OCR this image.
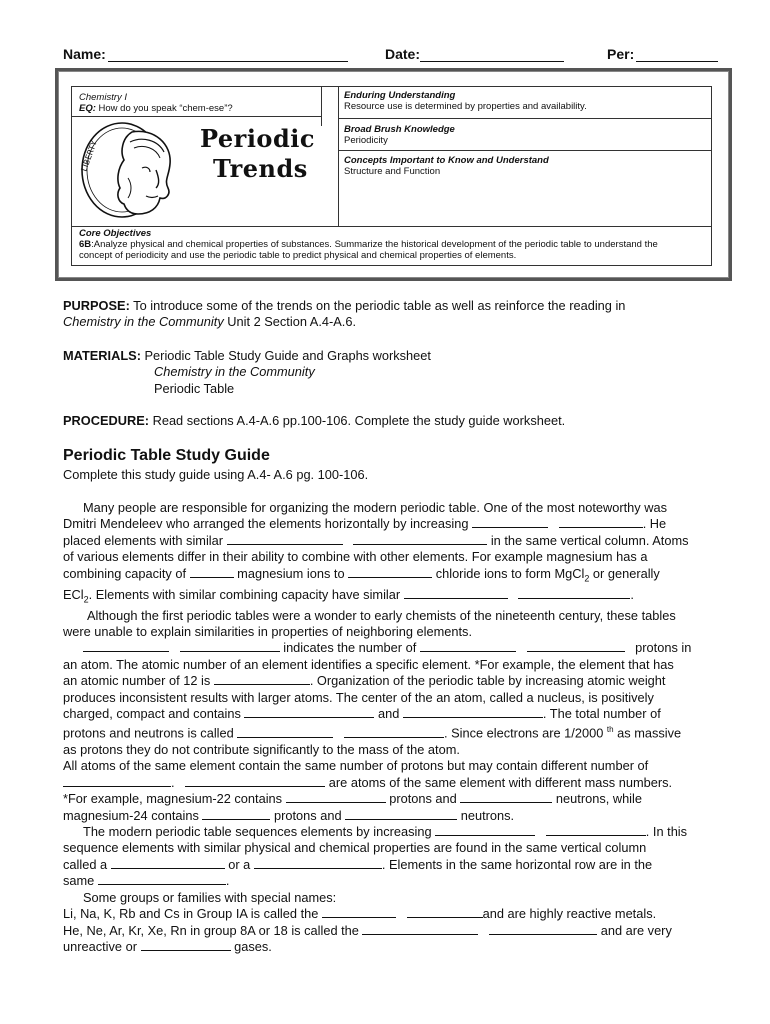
Name:	Date:	Per:
Chemistry I
EQ: How do you speak “chem-ese”?
LIBERTY
Periodic
Trends
Enduring Understanding
Resource use is determined by properties and availability.
Broad Brush Knowledge
Periodicity
Concepts Important to Know and Understand
Structure and Function
Core Objectives
6B:Analyze physical and chemical properties of substances. Summarize the historical development of the periodic table to understand the
concept of periodicity and use the periodic table to predict physical and chemical properties of elements.

PURPOSE: To introduce some of the trends on the periodic table as well as reinforce the reading in

Chemistry in the Community Unit 2 Section A.4-A.6.

MATERIALS: Periodic Table Study Guide and Graphs worksheet

Chemistry in the Community

Periodic Table

PROCEDURE: Read sections A.4-A.6 pp.100-106. Complete the study guide worksheet.

Periodic Table Study Guide
Complete this study guide using A.4- A.6 pg. 100-106.

Many people are responsible for organizing the modern periodic table. One of the most noteworthy was

Dmitri Mendeleev who arranged the elements horizontally by increasing	. He

placed elements with similar	in the same vertical column. Atoms

of various elements differ in their ability to combine with other elements. For example magnesium has a

combining capacity of	magnesium ions to	chloride ions to form MgCl$_2$ or generally

ECl$_2$. Elements with similar combining capacity have similar	.

Although the first periodic tables were a wonder to early chemists of the nineteenth century, these tables

were unable to explain similarities in properties of neighboring elements.

indicates the number of	protons in

an atom. The atomic number of an element identifies a specific element. *For example, the element that has

an atomic number of 12 is	. Organization of the periodic table by increasing atomic weight

produces inconsistent results with larger atoms. The center of the an atom, called a nucleus, is positively

charged, compact and contains	and	. The total number of

protons and neutrons is called	. Since electrons are 1/2000 $^{th}$ as massive

as protons they do not contribute significantly to the mass of the atom.

All atoms of the same element contain the same number of protons but may contain different number of

.	are atoms of the same element with different mass numbers.

*For example, magnesium-22 contains	protons and	neutrons, while

magnesium-24 contains	protons and	neutrons.

The modern periodic table sequences elements by increasing	. In this

sequence elements with similar physical and chemical properties are found in the same vertical column

called a	or a	. Elements in the same horizontal row are in the

same	.

Some groups or families with special names:

Li, Na, K, Rb and Cs in Group IA is called the	and are highly reactive metals.

He, Ne, Ar, Kr, Xe, Rn in group 8A or 18 is called the	and are very

unreactive or	gases.
